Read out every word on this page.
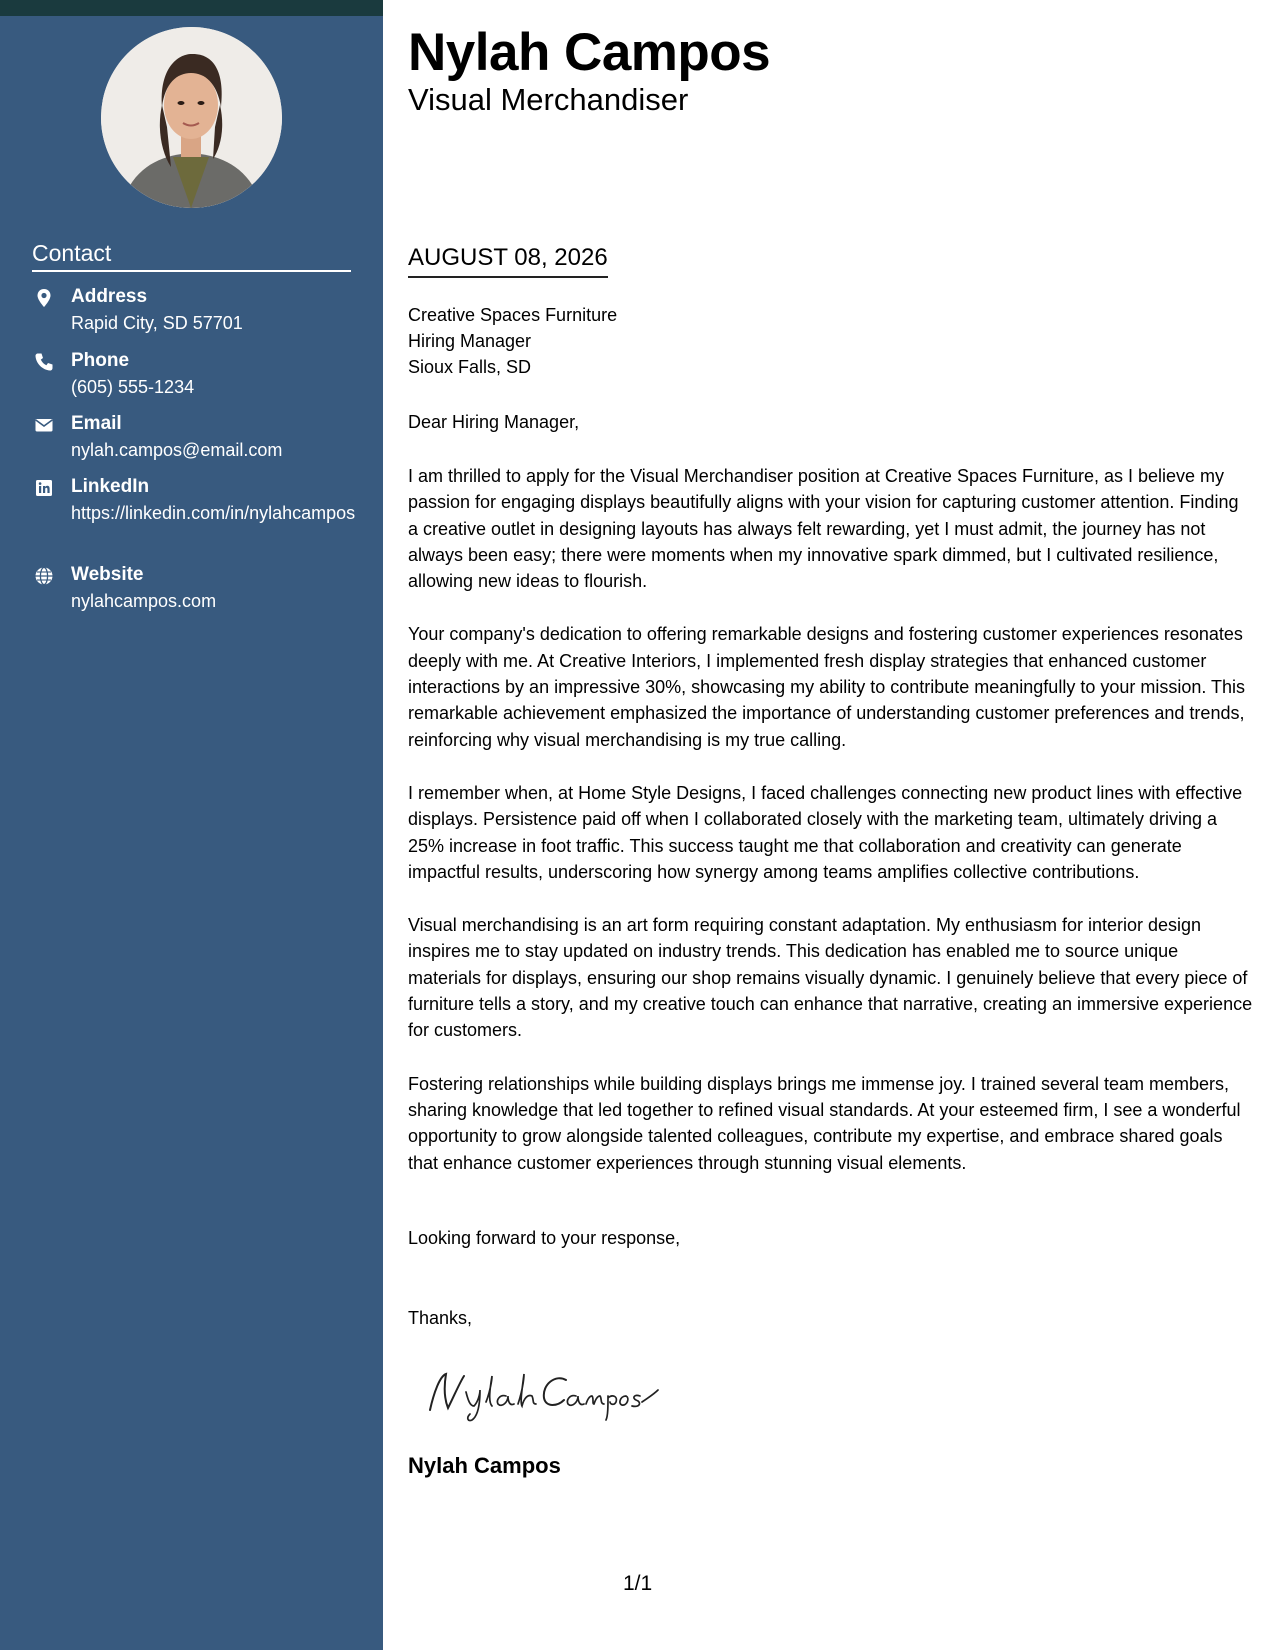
Contact
Address
Rapid City, SD 57701
Phone
(605) 555-1234
Email
nylah.campos@email.com
LinkedIn
https://linkedin.com/in/nylahcampos
Website
nylahcampos.com
Nylah Campos
Visual Merchandiser
AUGUST 08, 2026
Creative Spaces Furniture
Hiring Manager
Sioux Falls, SD
Dear Hiring Manager,

I am thrilled to apply for the Visual Merchandiser position at Creative Spaces Furniture, as I believe my passion for engaging displays beautifully aligns with your vision for capturing customer attention. Finding a creative outlet in designing layouts has always felt rewarding, yet I must admit, the journey has not always been easy; there were moments when my innovative spark dimmed, but I cultivated resilience, allowing new ideas to flourish.

Your company's dedication to offering remarkable designs and fostering customer experiences resonates deeply with me. At Creative Interiors, I implemented fresh display strategies that enhanced customer interactions by an impressive 30%, showcasing my ability to contribute meaningfully to your mission. This remarkable achievement emphasized the importance of understanding customer preferences and trends, reinforcing why visual merchandising is my true calling.

I remember when, at Home Style Designs, I faced challenges connecting new product lines with effective displays. Persistence paid off when I collaborated closely with the marketing team, ultimately driving a 25% increase in foot traffic. This success taught me that collaboration and creativity can generate impactful results, underscoring how synergy among teams amplifies collective contributions.

Visual merchandising is an art form requiring constant adaptation. My enthusiasm for interior design inspires me to stay updated on industry trends. This dedication has enabled me to source unique materials for displays, ensuring our shop remains visually dynamic. I genuinely believe that every piece of furniture tells a story, and my creative touch can enhance that narrative, creating an immersive experience for customers.

Fostering relationships while building displays brings me immense joy. I trained several team members, sharing knowledge that led together to refined visual standards. At your esteemed firm, I see a wonderful opportunity to grow alongside talented colleagues, contribute my expertise, and embrace shared goals that enhance customer experiences through stunning visual elements.

Looking forward to your response,
Thanks,
Nylah Campos
1/1
